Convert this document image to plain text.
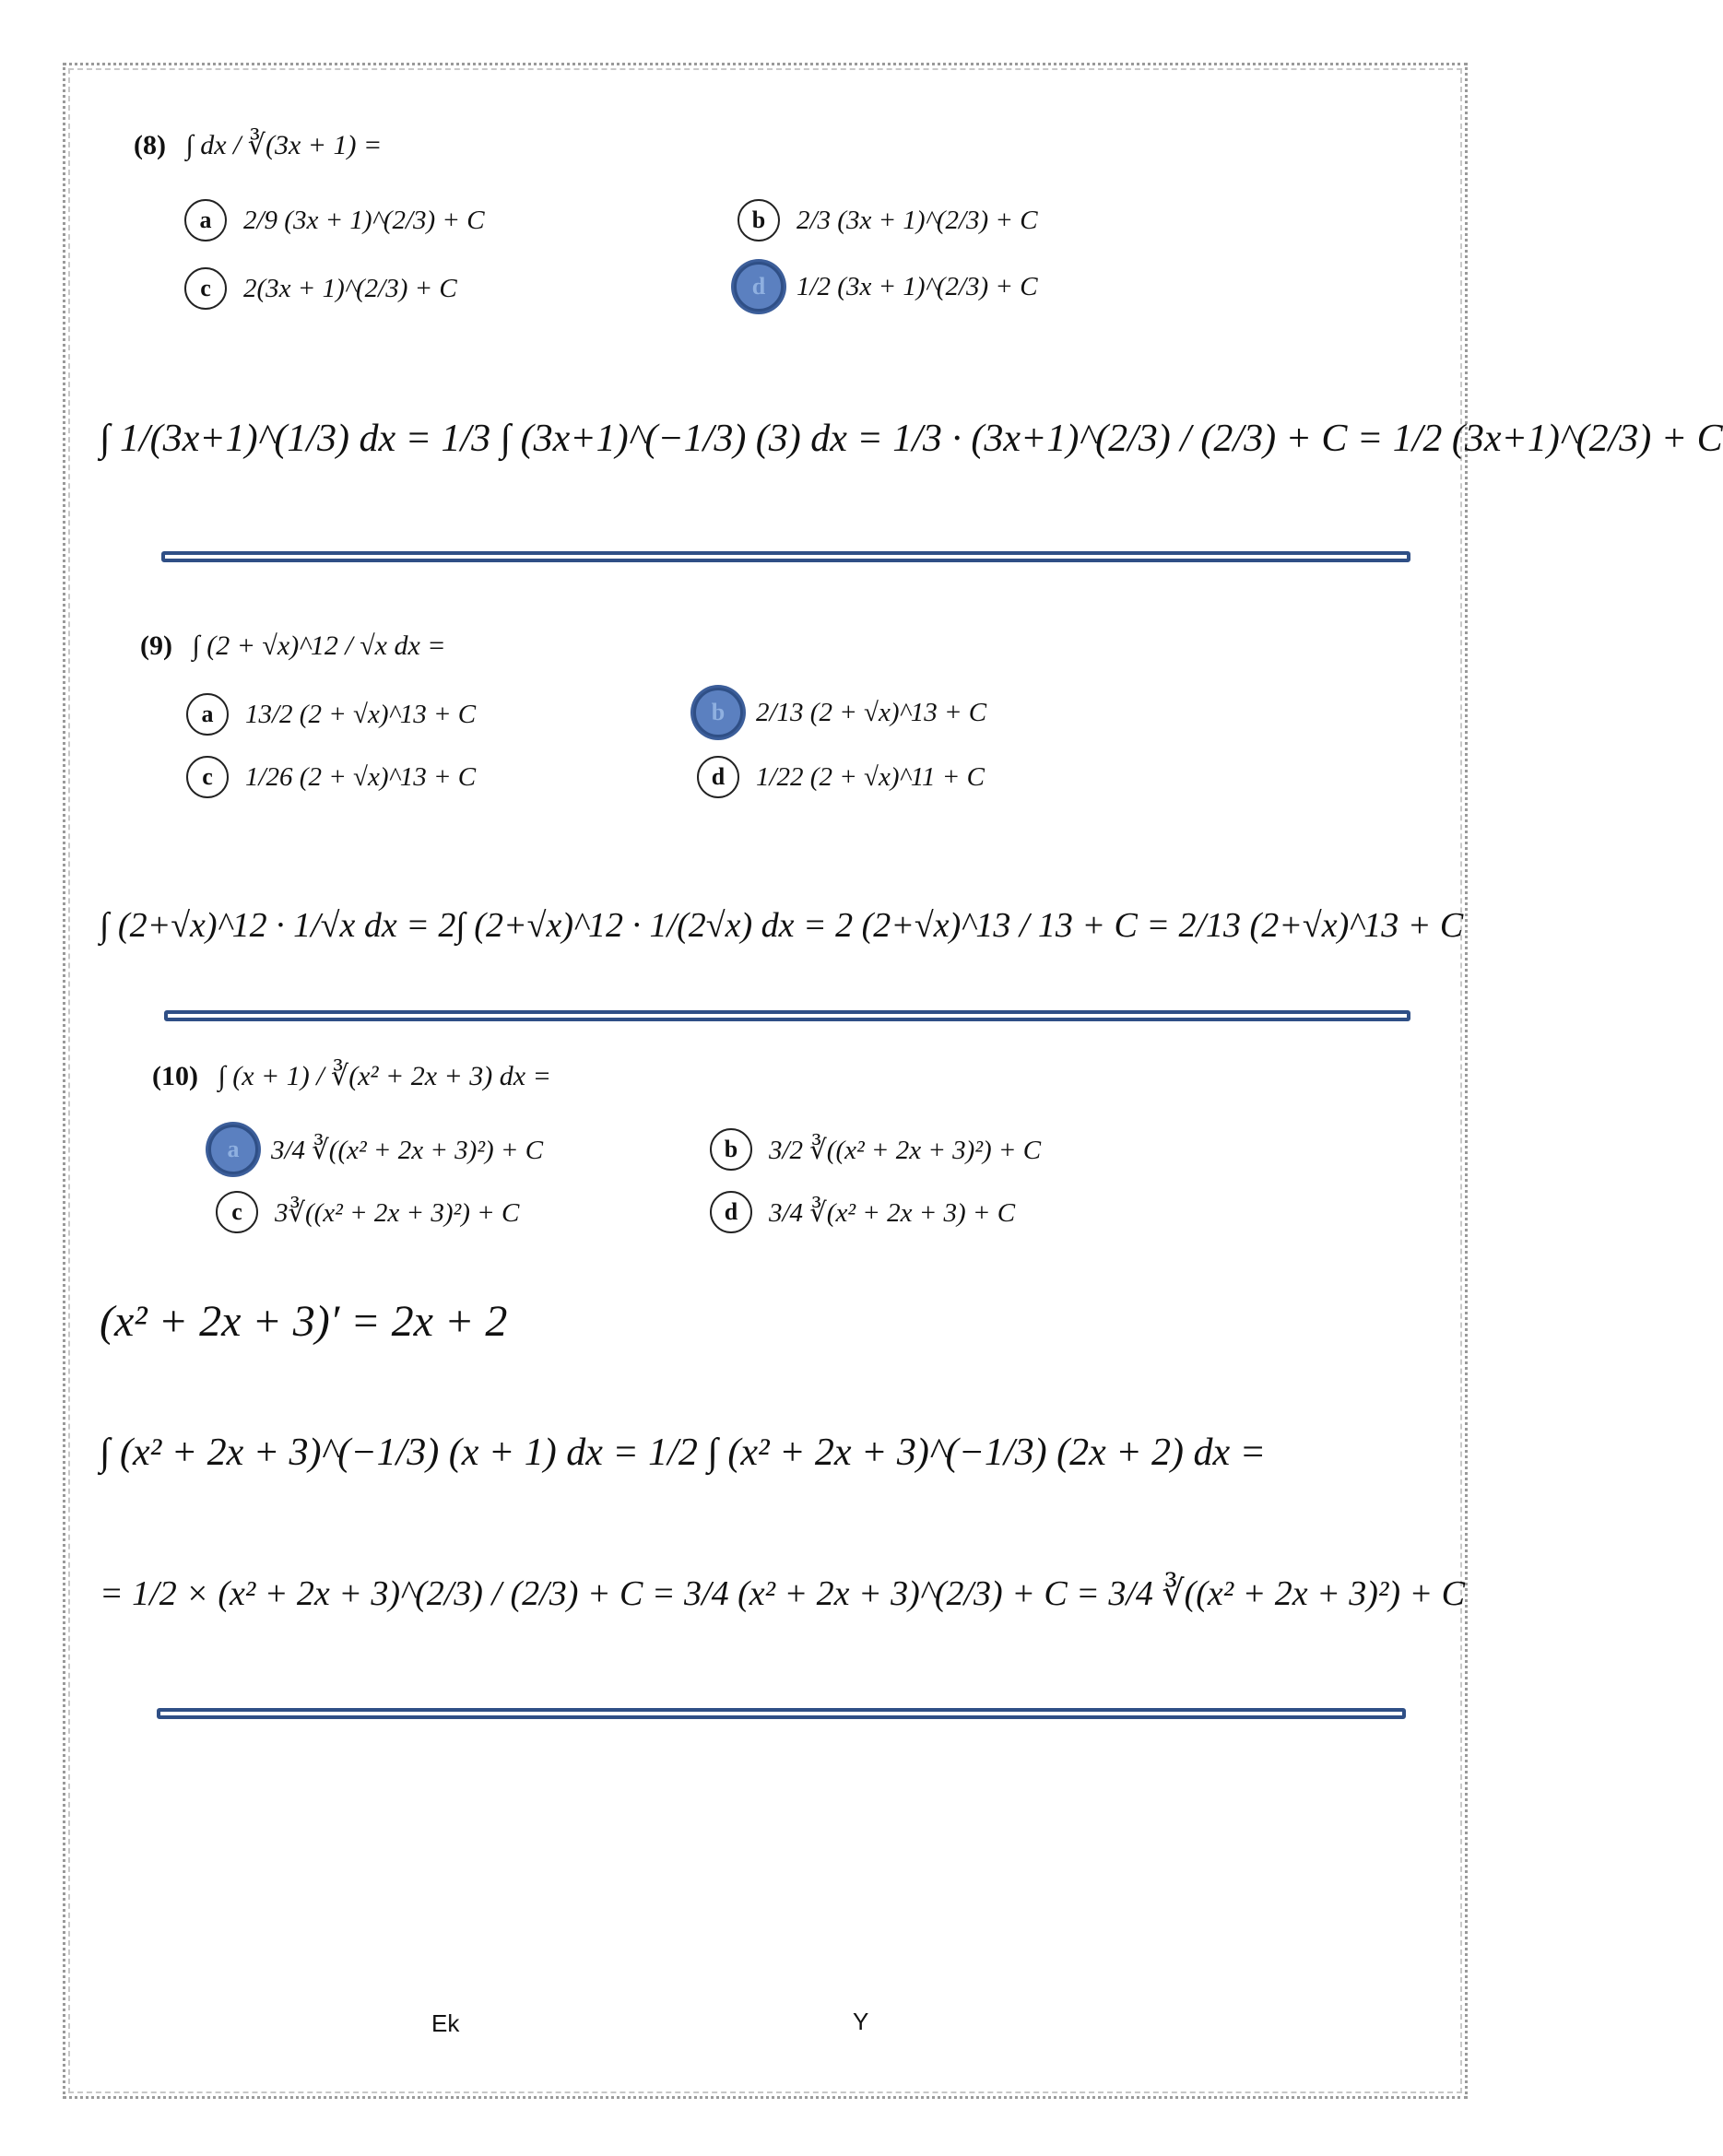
(8) ∫ dx / ∛(3x + 1) =
a	2/9 (3x + 1)^(2/3) + C	b	2/3 (3x + 1)^(2/3) + C
c	2(3x + 1)^(2/3) + C	d	1/2 (3x + 1)^(2/3) + C
∫ 1/(3x+1)^(1/3) dx = 1/3 ∫ (3x+1)^(−1/3) (3) dx = 1/3 · (3x+1)^(2/3) / (2/3) + C = 1/2 (3x+1)^(2/3) + C
(9) ∫ (2 + √x)^12 / √x dx =
a	13/2 (2 + √x)^13 + C	b	2/13 (2 + √x)^13 + C
c	1/26 (2 + √x)^13 + C	d	1/22 (2 + √x)^11 + C
∫ (2+√x)^12 · 1/√x dx = 2∫ (2+√x)^12 · 1/(2√x) dx = 2 (2+√x)^13 / 13 + C = 2/13 (2+√x)^13 + C
(10) ∫ (x + 1) / ∛(x² + 2x + 3) dx =
a	3/4 ∛((x² + 2x + 3)²) + C	b	3/2 ∛((x² + 2x + 3)²) + C
c	3∛((x² + 2x + 3)²) + C	d	3/4 ∛(x² + 2x + 3) + C
(x² + 2x + 3)′ = 2x + 2
∫ (x² + 2x + 3)^(−1/3) (x + 1) dx = 1/2 ∫ (x² + 2x + 3)^(−1/3) (2x + 2) dx =
= 1/2 × (x² + 2x + 3)^(2/3) / (2/3) + C = 3/4 (x² + 2x + 3)^(2/3) + C = 3/4 ∛((x² + 2x + 3)²) + C
Ek	Y
